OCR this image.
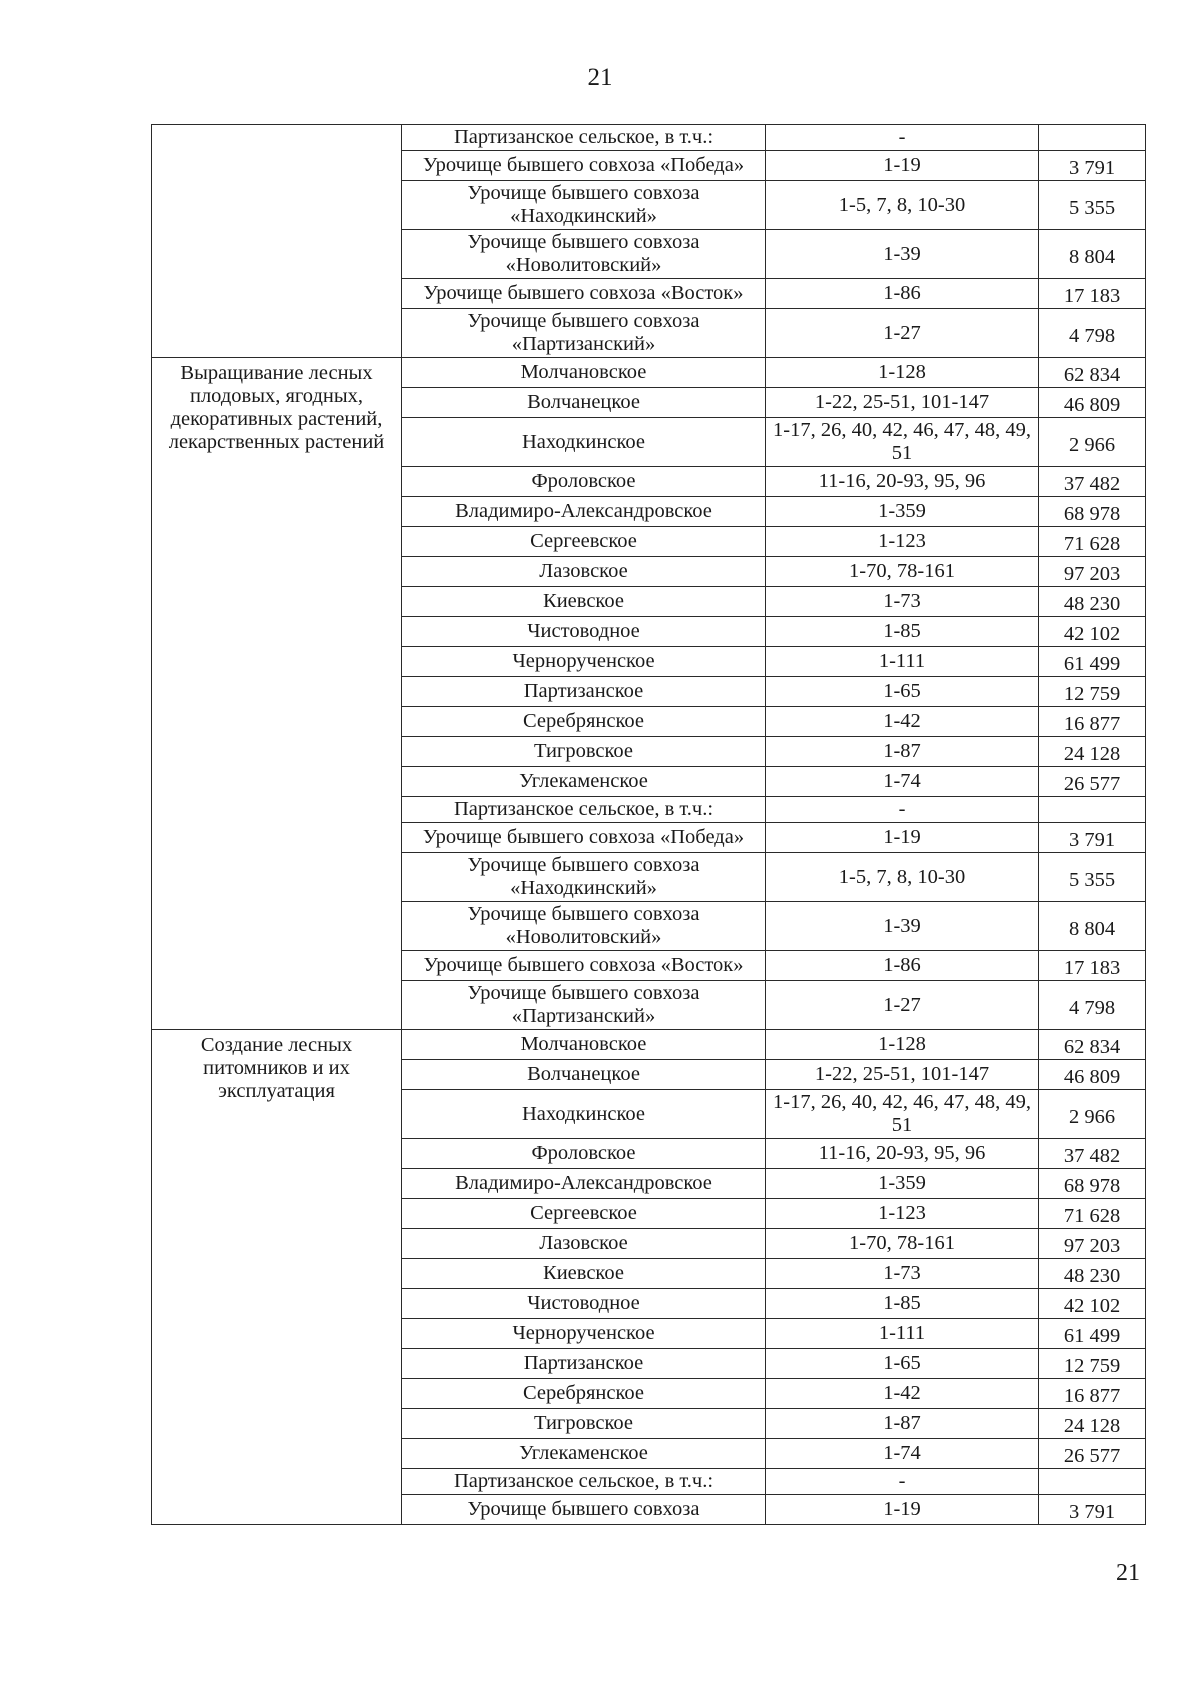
21
	Партизанское сельское, в т.ч.:	-	
	Урочище бывшего совхоза «Победа»	1-19	3 791
	Урочище бывшего совхоза «Находкинский»	1-5, 7, 8, 10-30	5 355
	Урочище бывшего совхоза «Новолитовский»	1-39	8 804
	Урочище бывшего совхоза «Восток»	1-86	17 183
	Урочище бывшего совхоза «Партизанский»	1-27	4 798
Выращивание лесных плодовых, ягодных, декоративных растений, лекарственных растений	Молчановское	1-128	62 834
	Волчанецкое	1-22, 25-51, 101-147	46 809
	Находкинское	1-17, 26, 40, 42, 46, 47, 48, 49, 51	2 966
	Фроловское	11-16, 20-93, 95, 96	37 482
	Владимиро-Александровское	1-359	68 978
	Сергеевское	1-123	71 628
	Лазовское	1-70, 78-161	97 203
	Киевское	1-73	48 230
	Чистоводное	1-85	42 102
	Черноручeнское	1-111	61 499
	Партизанское	1-65	12 759
	Серебрянское	1-42	16 877
	Тигровское	1-87	24 128
	Углекаменское	1-74	26 577
	Партизанское сельское, в т.ч.:	-	
	Урочище бывшего совхоза «Победа»	1-19	3 791
	Урочище бывшего совхоза «Находкинский»	1-5, 7, 8, 10-30	5 355
	Урочище бывшего совхоза «Новолитовский»	1-39	8 804
	Урочище бывшего совхоза «Восток»	1-86	17 183
	Урочище бывшего совхоза «Партизанский»	1-27	4 798
Создание лесных питомников и их эксплуатация	Молчановское	1-128	62 834
	Волчанецкое	1-22, 25-51, 101-147	46 809
	Находкинское	1-17, 26, 40, 42, 46, 47, 48, 49, 51	2 966
	Фроловское	11-16, 20-93, 95, 96	37 482
	Владимиро-Александровское	1-359	68 978
	Сергеевское	1-123	71 628
	Лазовское	1-70, 78-161	97 203
	Киевское	1-73	48 230
	Чистоводное	1-85	42 102
	Черноручeнское	1-111	61 499
	Партизанское	1-65	12 759
	Серебрянское	1-42	16 877
	Тигровское	1-87	24 128
	Углекаменское	1-74	26 577
	Партизанское сельское, в т.ч.:	-	
	Урочище бывшего совхоза	1-19	3 791
21
